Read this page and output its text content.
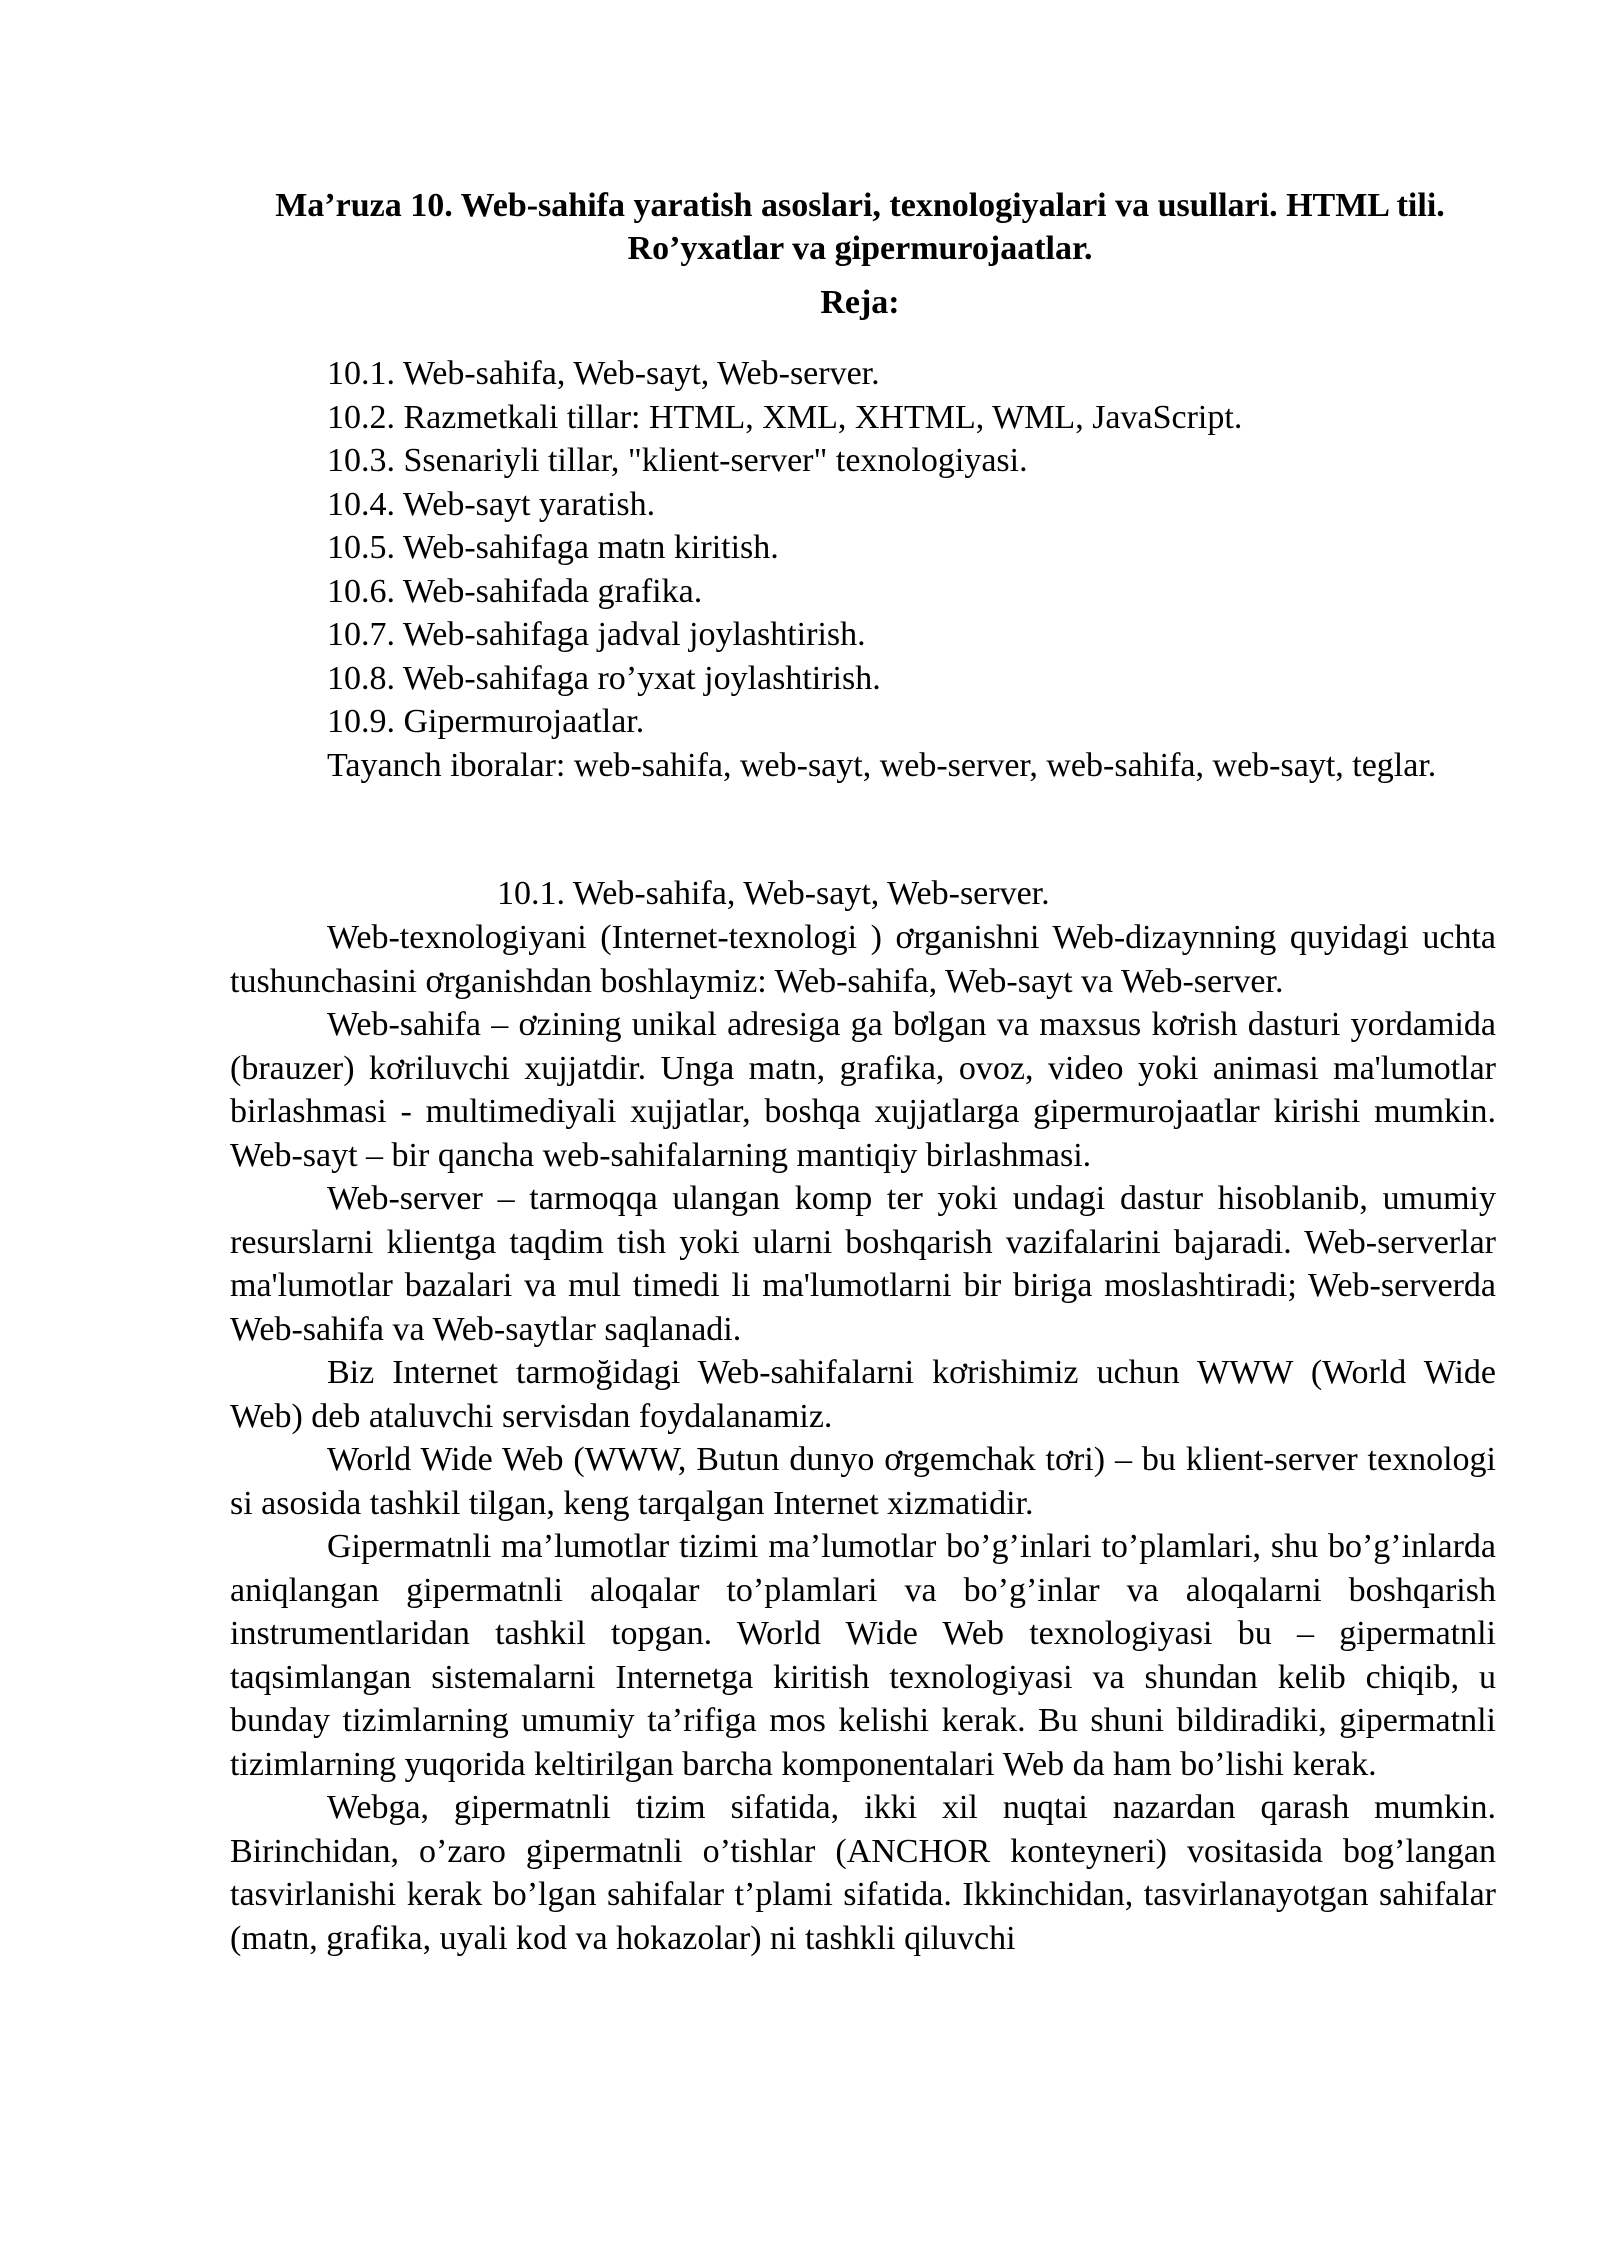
Ma’ruza 10. Web-sahifa yaratish asoslari, texnologiyalari va usullari. HTML tili. Ro’yxatlar va gipermurojaatlar.
Reja:
10.1. Web-sahifa, Web-sayt, Web-server.
10.2. Razmetkali tillar: HTML, XML, XHTML, WML, JavaScript.
10.3. Ssenariyli tillar, "klient-server" texnologiyasi.
10.4. Web-sayt yaratish.
10.5. Web-sahifaga matn kiritish.
10.6. Web-sahifada grafika.
10.7. Web-sahifaga jadval joylashtirish.
10.8. Web-sahifaga ro’yxat joylashtirish.
10.9. Gipermurojaatlar.
Tayanch iboralar: web-sahifa, web-sayt, web-server, web-sahifa, web-sayt, teglar.
10.1. Web-sahifa, Web-sayt, Web-server.

Web-texnologiyani (Internet-texnologi ) ơrganishni Web-dizaynning quyidagi uchta tushunchasini ơrganishdan boshlaymiz: Web-sahifa, Web-sayt va Web-server.

Web-sahifa – ơzining unikal adresiga ga bơlgan va maxsus kơrish dasturi yordamida (brauzer) kơriluvchi xujjatdir. Unga matn, grafika, ovoz, video yoki animasi ma'lumotlar birlashmasi - multimediyali xujjatlar, boshqa xujjatlarga gipermurojaatlar kirishi mumkin. Web-sayt – bir qancha web-sahifalarning mantiqiy birlashmasi.

Web-server – tarmoqqa ulangan komp ter yoki undagi dastur hisoblanib, umumiy resurslarni klientga taqdim tish yoki ularni boshqarish vazifalarini bajaradi. Web-serverlar ma'lumotlar bazalari va mul timedi li ma'lumotlarni bir biriga moslashtiradi; Web-serverda Web-sahifa va Web-saytlar saqlanadi.

Biz Internet tarmoğidagi Web-sahifalarni kơrishimiz uchun WWW (World Wide Web) deb ataluvchi servisdan foydalanamiz.

World Wide Web (WWW, Butun dunyo ơrgemchak tơri) – bu klient-server texnologi si asosida tashkil tilgan, keng tarqalgan Internet xizmatidir.

Gipermatnli ma’lumotlar tizimi ma’lumotlar bo’g’inlari to’plamlari, shu bo’g’inlarda aniqlangan gipermatnli aloqalar to’plamlari va bo’g’inlar va aloqalarni boshqarish instrumentlaridan tashkil topgan. World Wide Web texnologiyasi bu – gipermatnli taqsimlangan sistemalarni Internetga kiritish texnologiyasi va shundan kelib chiqib, u bunday tizimlarning umumiy ta’rifiga mos kelishi kerak. Bu shuni bildiradiki, gipermatnli tizimlarning yuqorida keltirilgan barcha komponentalari Web da ham bo’lishi kerak.

Webga, gipermatnli tizim sifatida, ikki xil nuqtai nazardan qarash mumkin. Birinchidan, o’zaro gipermatnli o’tishlar (ANCHOR konteyneri) vositasida bog’langan tasvirlanishi kerak bo’lgan sahifalar t’plami sifatida. Ikkinchidan, tasvirlanayotgan sahifalar (matn, grafika, uyali kod va hokazolar) ni tashkli qiluvchi
